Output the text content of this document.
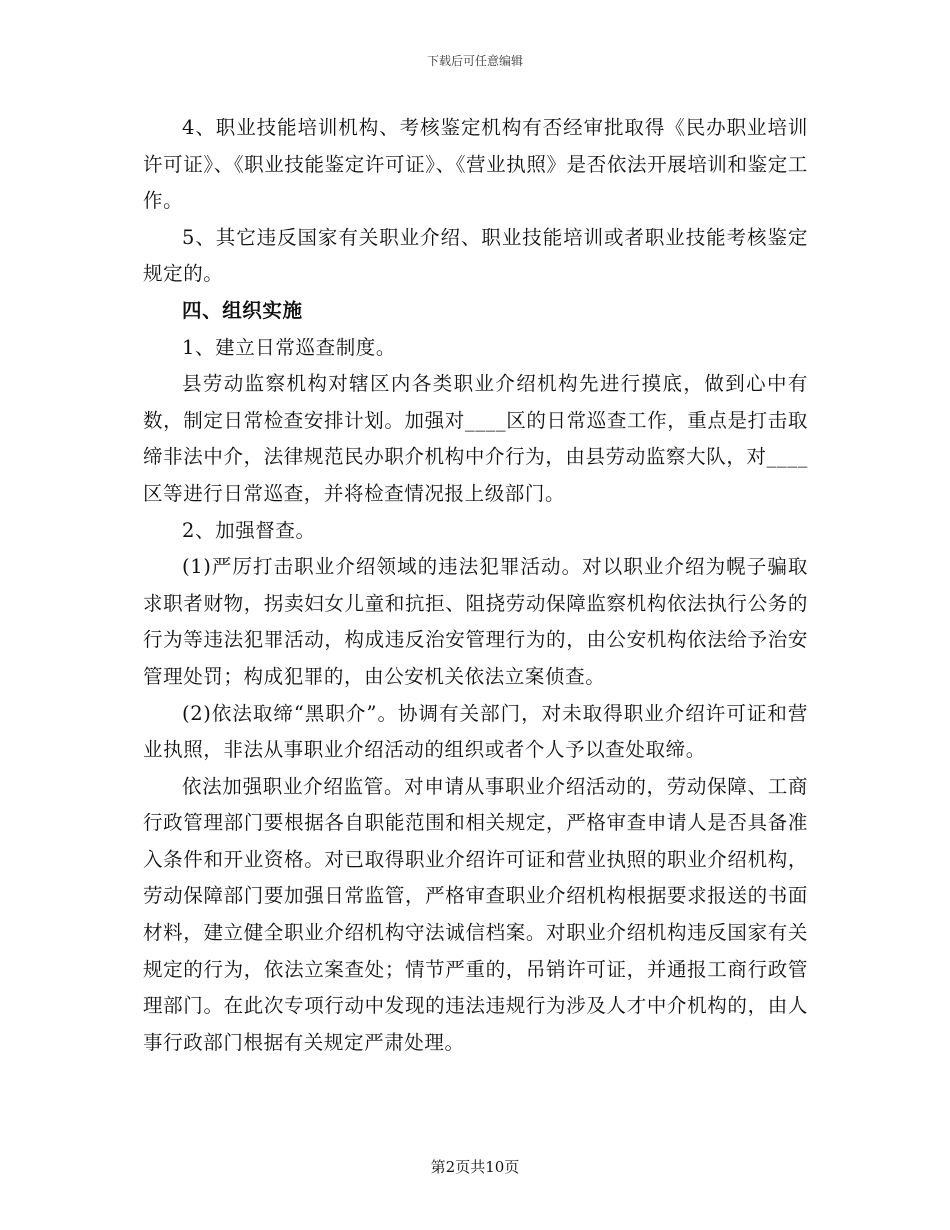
下载后可任意编辑

4、职业技能培训机构、考核鉴定机构有否经审批取得《民办职业培训许可证》、《职业技能鉴定许可证》、《营业执照》是否依法开展培训和鉴定工作。

5、其它违反国家有关职业介绍、职业技能培训或者职业技能考核鉴定规定的。

四、组织实施

1、建立日常巡查制度。

县劳动监察机构对辖区内各类职业介绍机构先进行摸底，做到心中有数，制定日常检查安排计划。加强对____区的日常巡查工作，重点是打击取缔非法中介，法律规范民办职介机构中介行为，由县劳动监察大队，对____区等进行日常巡查，并将检查情况报上级部门。

2、加强督查。

(1)严厉打击职业介绍领域的违法犯罪活动。对以职业介绍为幌子骗取求职者财物，拐卖妇女儿童和抗拒、阻挠劳动保障监察机构依法执行公务的行为等违法犯罪活动，构成违反治安管理行为的，由公安机构依法给予治安管理处罚；构成犯罪的，由公安机关依法立案侦查。

(2)依法取缔“黑职介”。协调有关部门，对未取得职业介绍许可证和营业执照，非法从事职业介绍活动的组织或者个人予以查处取缔。

依法加强职业介绍监管。对申请从事职业介绍活动的，劳动保障、工商行政管理部门要根据各自职能范围和相关规定，严格审查申请人是否具备准入条件和开业资格。对已取得职业介绍许可证和营业执照的职业介绍机构，劳动保障部门要加强日常监管，严格审查职业介绍机构根据要求报送的书面材料，建立健全职业介绍机构守法诚信档案。对职业介绍机构违反国家有关规定的行为，依法立案查处；情节严重的，吊销许可证，并通报工商行政管理部门。在此次专项行动中发现的违法违规行为涉及人才中介机构的，由人事行政部门根据有关规定严肃处理。

第2页共10页
